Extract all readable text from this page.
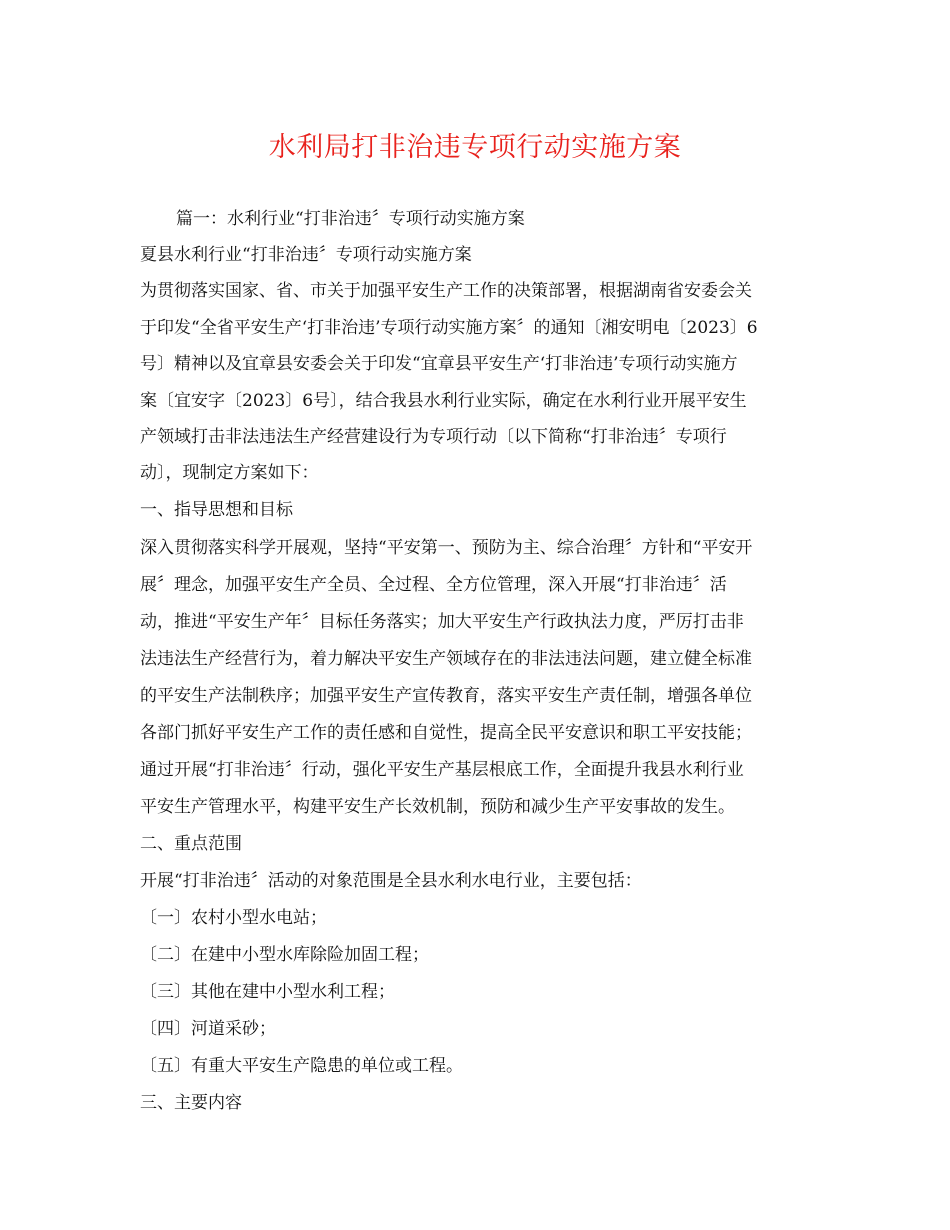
水利局打非治违专项行动实施方案
篇一：水利行业“打非治违〞专项行动实施方案
夏县水利行业“打非治违〞专项行动实施方案
为贯彻落实国家、省、市关于加强平安生产工作的决策部署，根据湖南省安委会关
于印发“全省平安生产‘打非治违’专项行动实施方案〞的通知〔湘安明电〔2023〕6
号〕精神以及宜章县安委会关于印发“宜章县平安生产‘打非治违’专项行动实施方
案〔宜安字〔2023〕6号〕，结合我县水利行业实际，确定在水利行业开展平安生
产领域打击非法违法生产经营建设行为专项行动〔以下简称“打非治违〞专项行
动〕，现制定方案如下：
一、指导思想和目标
深入贯彻落实科学开展观，坚持“平安第一、预防为主、综合治理〞方针和“平安开
展〞理念，加强平安生产全员、全过程、全方位管理，深入开展“打非治违〞活
动，推进“平安生产年〞目标任务落实；加大平安生产行政执法力度，严厉打击非
法违法生产经营行为，着力解决平安生产领域存在的非法违法问题，建立健全标准
的平安生产法制秩序；加强平安生产宣传教育，落实平安生产责任制，增强各单位
各部门抓好平安生产工作的责任感和自觉性，提高全民平安意识和职工平安技能；
通过开展“打非治违〞行动，强化平安生产基层根底工作，全面提升我县水利行业
平安生产管理水平，构建平安生产长效机制，预防和减少生产平安事故的发生。
二、重点范围
开展“打非治违〞活动的对象范围是全县水利水电行业，主要包括：
〔一〕农村小型水电站；
〔二〕在建中小型水库除险加固工程；
〔三〕其他在建中小型水利工程；
〔四〕河道采砂；
〔五〕有重大平安生产隐患的单位或工程。
三、主要内容
